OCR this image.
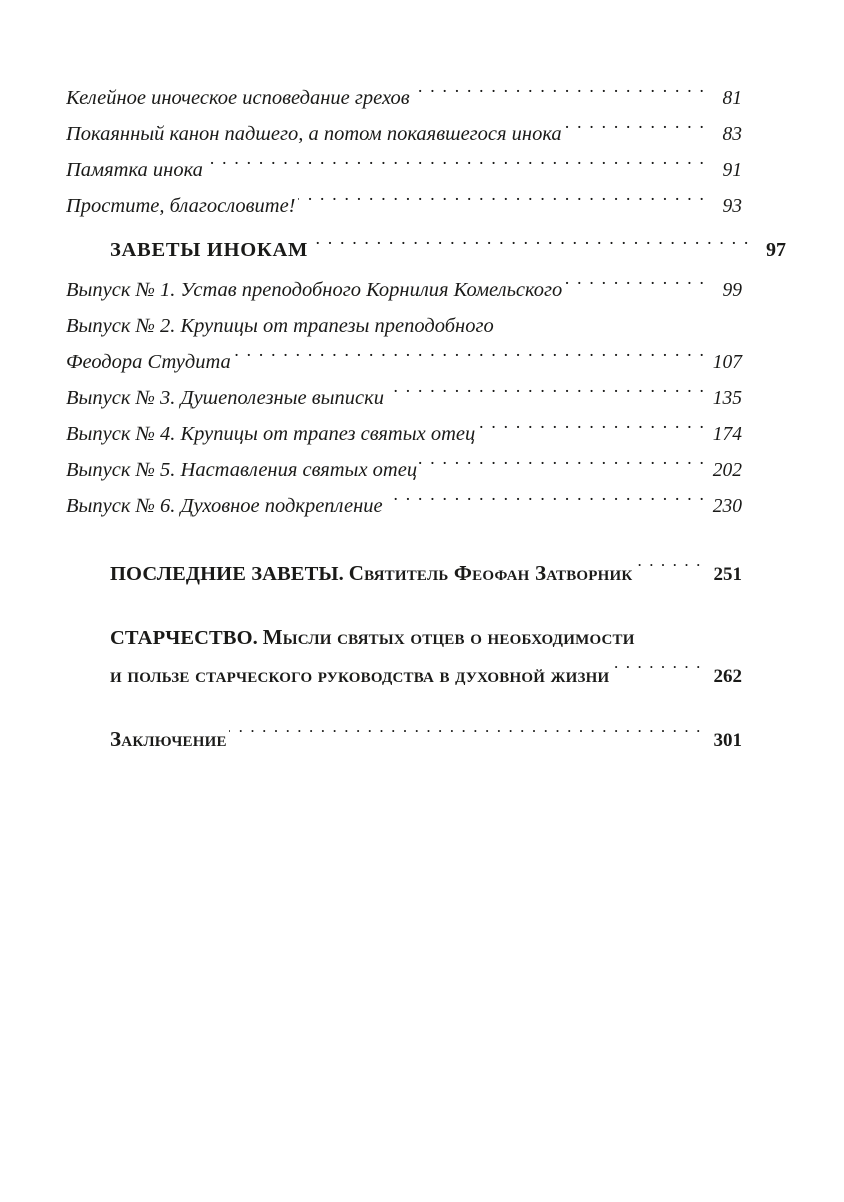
Келейное иноческое исповедание грехов . . .	81
Покаянный канон падшего, а потом покаявшегося инока . . .	83
Памятка инока . . .	91
Простите, благословите! . . .	93
ЗАВЕТЫ ИНОКАМ . . .	97
Выпуск № 1. Устав преподобного Корнилия Комельского . . .	99
Выпуск № 2. Крупицы от трапезы преподобного
Феодора Студита . . .	107
Выпуск № 3. Душеполезные выписки . . .	135
Выпуск № 4. Крупицы от трапез святых отец . . .	174
Выпуск № 5. Наставления святых отец . . .	202
Выпуск № 6. Духовное подкрепление . . .	230
ПОСЛЕДНИЕ ЗАВЕТЫ. Святитель Феофан Затворник . . .	251
СТАРЧЕСТВО. Мысли святых отцев о необходимости
и пользе старческого руководства в духовной жизни . . .	262
Заключение . . .	301
